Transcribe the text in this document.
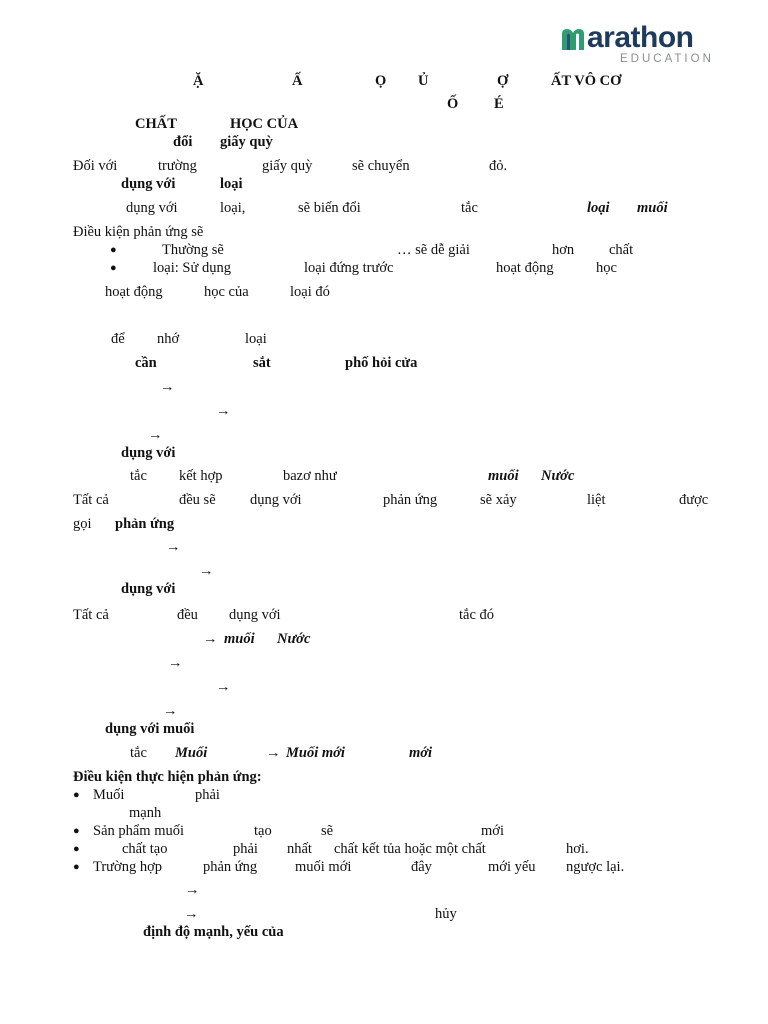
arathon
EDUCATION
Ặ	Ấ	Ọ Ủ	Ợ	ẤT VÔ CƠ
Ố É
CHẤT	HỌC CỦA
đổi giấy quỳ
Đối với	trường	giấy quỳ	sẽ chuyển	đỏ.
dụng với	loại
dụng với	loại,	sẽ biến đổi	tắc	loại muối
Điều kiện phản ứng sẽ
●	Thường sẽ	… sẽ dễ giải	hơn chất
●	loại: Sử dụng	loại đứng trước	hoạt động	học
hoạt động	học của	loại đó
để nhớ	loại
cần	sắt	phố hỏi cửa
→
→
→
dụng với
tắc kết hợp	bazơ như	muối Nước
Tất cả	đều sẽ dụng với	phản ứng	sẽ xảy	liệt	được
gọi phản ứng
→
→
dụng với
Tất cả	đều dụng với	tắc đó
→ muối Nước
→
→
→
dụng với muối
tắc Muối	→ Muối mới	mới
Điều kiện thực hiện phản ứng:
● Muối	phải
mạnh
● Sản phẩm muối	tạo	sẽ	mới
●	chất tạo	phải nhất chất kết tủa hoặc một chất	hơi.
● Trường hợp	phản ứng	muối mới	đây	mới yếu ngược lại.
→
→	hủy
định độ mạnh, yếu của
